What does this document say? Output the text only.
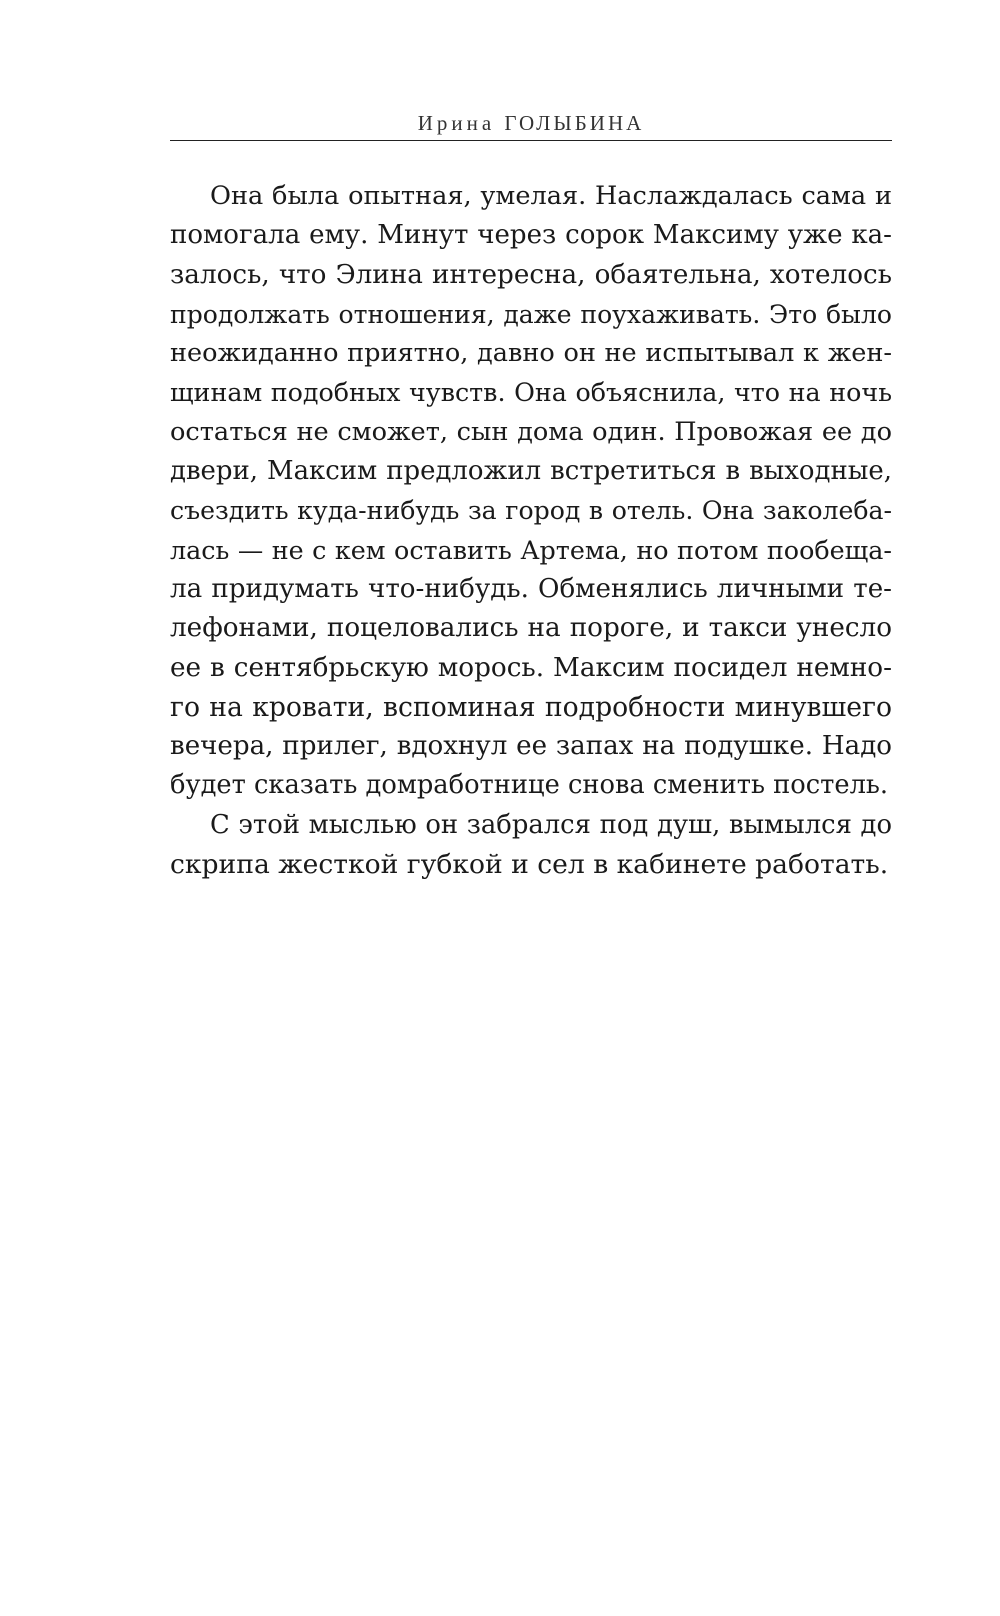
Ирина ГОЛЫБИНА
Она была опытная, умелая. Наслаждалась сама и
помогала ему. Минут через сорок Максиму уже ка-
залось, что Элина интересна, обаятельна, хотелось
продолжать отношения, даже поухаживать. Это было
неожиданно приятно, давно он не испытывал к жен-
щинам подобных чувств. Она объяснила, что на ночь
остаться не сможет, сын дома один. Провожая ее до
двери, Максим предложил встретиться в выходные,
съездить куда-нибудь за город в отель. Она заколеба-
лась — не с кем оставить Артема, но потом пообеща-
ла придумать что-нибудь. Обменялись личными те-
лефонами, поцеловались на пороге, и такси унесло
ее в сентябрьскую морось. Максим посидел немно-
го на кровати, вспоминая подробности минувшего
вечера, прилег, вдохнул ее запах на подушке. Надо
будет сказать домработнице снова сменить постель.
С этой мыслью он забрался под душ, вымылся до
скрипа жесткой губкой и сел в кабинете работать.
